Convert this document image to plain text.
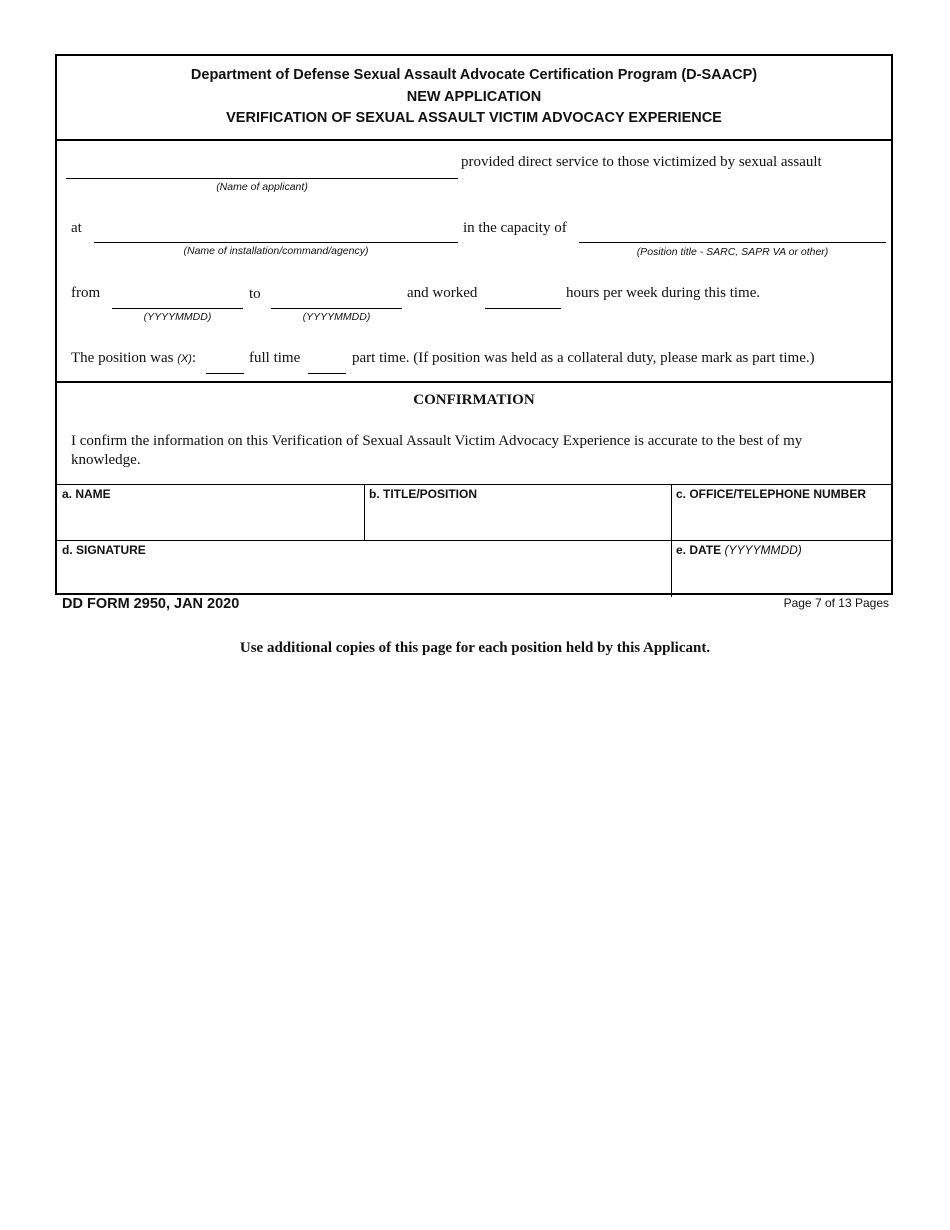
Department of Defense Sexual Assault Advocate Certification Program (D-SAACP)
NEW APPLICATION
VERIFICATION OF SEXUAL ASSAULT VICTIM ADVOCACY EXPERIENCE
provided direct service to those victimized by sexual assault
(Name of applicant)
at
(Name of installation/command/agency)
in the capacity of
(Position title - SARC, SAPR VA or other)
from
(YYYYMMDD)
to
(YYYYMMDD)
and worked	hours per week during this time.
The position was (X):	full time	part time. (If position was held as a collateral duty, please mark as part time.)
CONFIRMATION
I confirm the information on this Verification of Sexual Assault Victim Advocacy Experience is accurate to the best of my
knowledge.
a. NAME	b. TITLE/POSITION	c. OFFICE/TELEPHONE NUMBER
d. SIGNATURE	e. DATE (YYYYMMDD)
DD FORM 2950, JAN 2020	Page 7 of 13 Pages
Use additional copies of this page for each position held by this Applicant.
